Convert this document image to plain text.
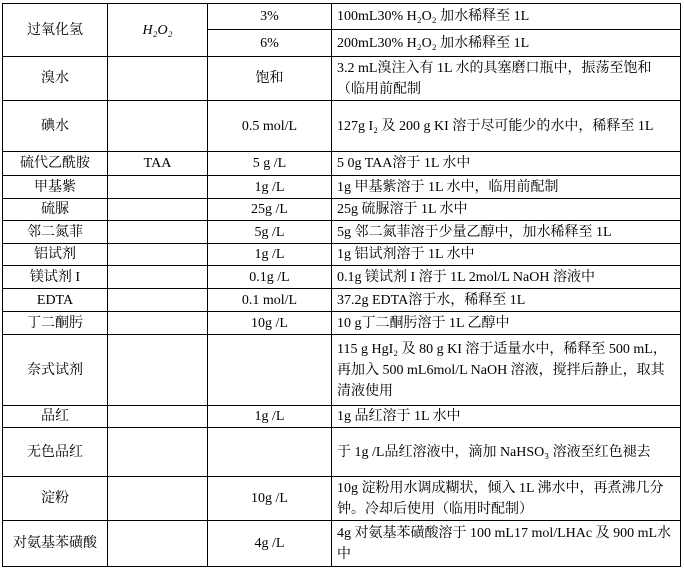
过氧化氢	H₂O₂	3%	100mL30% H₂O₂ 加水稀释至 1L
		6%	200mL30% H₂O₂ 加水稀释至 1L
溴水		饱和	3.2 mL溴注入有 1L 水的具塞磨口瓶中，振荡至饱和（临用前配制
碘水		0.5 mol/L	127g I₂ 及 200 g KI 溶于尽可能少的水中，稀释至 1L
硫代乙酰胺	TAA	5 g /L	5 0g TAA溶于 1L 水中
甲基紫		1g /L	1g 甲基紫溶于 1L 水中，临用前配制
硫脲		25g /L	25g 硫脲溶于 1L 水中
邻二氮菲		5g /L	5g 邻二氮菲溶于少量乙醇中，加水稀释至 1L
铝试剂		1g /L	1g 铝试剂溶于 1L 水中
镁试剂 I		0.1g /L	0.1g 镁试剂 I 溶于 1L 2mol/L NaOH 溶液中
EDTA		0.1 mol/L	37.2g EDTA溶于水，稀释至 1L
丁二酮肟		10g /L	10 g丁二酮肟溶于 1L 乙醇中
奈式试剂			115 g HgI₂ 及 80 g KI 溶于适量水中，稀释至 500 mL，再加入 500 mL6mol/L NaOH 溶液，搅拌后静止，取其清液使用
品红		1g /L	1g 品红溶于 1L 水中
无色品红			于 1g /L品红溶液中，滴加 NaHSO₃ 溶液至红色褪去
淀粉		10g /L	10g 淀粉用水调成糊状，倾入 1L 沸水中，再煮沸几分钟。冷却后使用（临用时配制）
对氨基苯磺酸		4g /L	4g 对氨基苯磺酸溶于 100 mL17 mol/LHAc 及 900 mL水中
